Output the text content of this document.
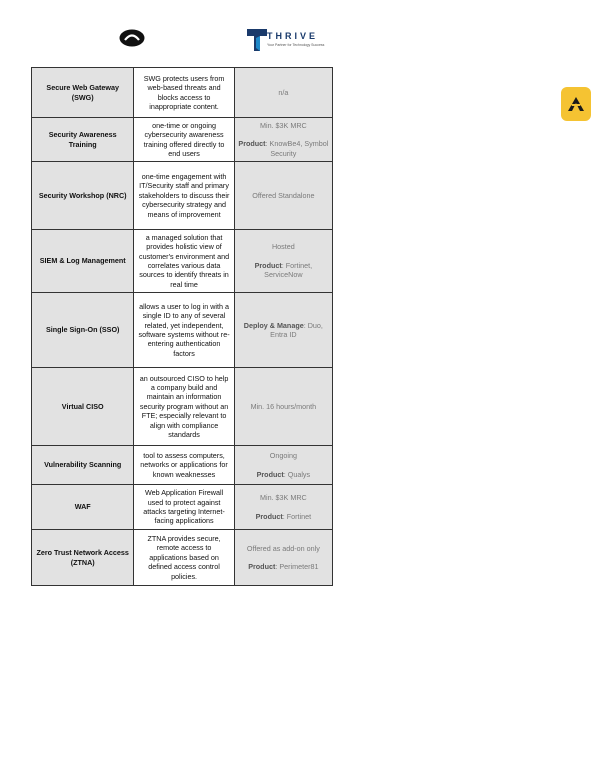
THRIVE
Your Partner for Technology Success
Secure Web Gateway (SWG)	SWG protects users from web-based threats and blocks access to inappropriate content.	n/a

Security Awareness Training	one-time or ongoing cybersecurity awareness training offered directly to end users	Min. $3K MRC
Product: KnowBe4, Symbol Security

Security Workshop (NRC)	one-time engagement with IT/Security staff and primary stakeholders to discuss their cybersecurity strategy and means of improvement	Offered Standalone

SIEM & Log Management	a managed solution that provides holistic view of customer's environment and correlates various data sources to identify threats in real time	Hosted
Product: Fortinet, ServiceNow

Single Sign-On (SSO)	allows a user to log in with a single ID to any of several related, yet independent, software systems without re-entering authentication factors	Deploy & Manage: Duo, Entra ID

Virtual CISO	an outsourced CISO to help a company build and maintain an information security program without an FTE; especially relevant to align with compliance standards	Min. 16 hours/month

Vulnerability Scanning	tool to assess computers, networks or applications for known weaknesses	Ongoing
Product: Qualys

WAF	Web Application Firewall used to protect against attacks targeting Internet-facing applications	Min. $3K MRC
Product: Fortinet

Zero Trust Network Access (ZTNA)	ZTNA provides secure, remote access to applications based on defined access control policies.	Offered as add-on only
Product: Perimeter81
